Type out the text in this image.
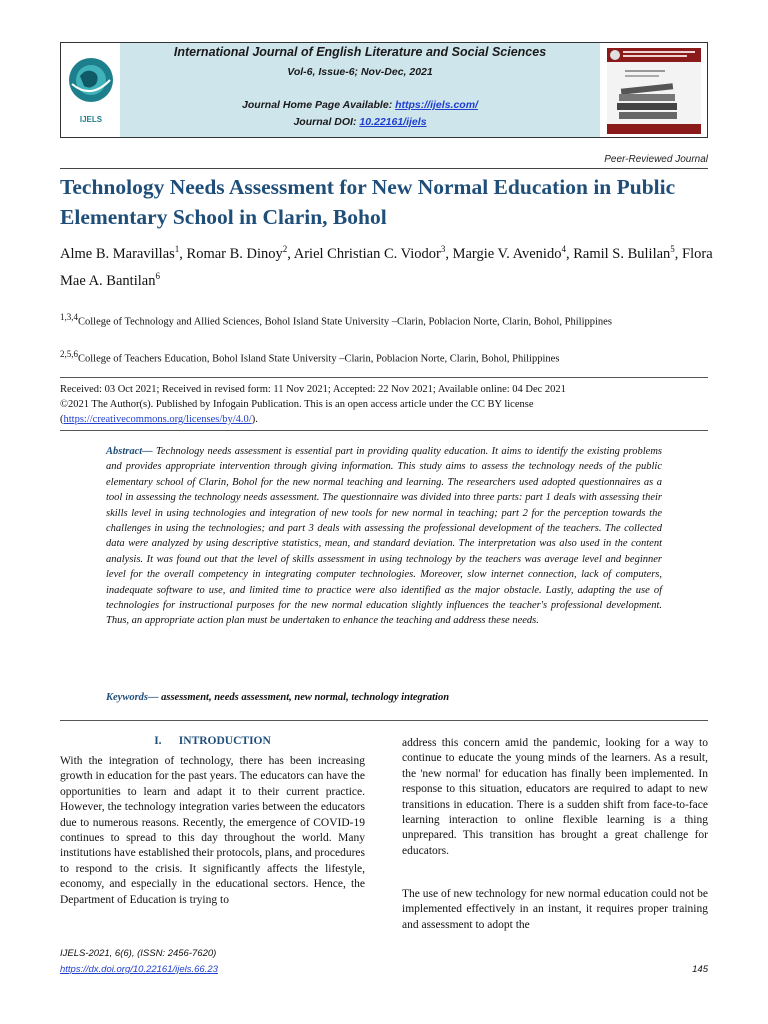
IJELS
International Journal of English Literature and Social Sciences
Vol-6, Issue-6; Nov-Dec, 2021
Journal Home Page Available: https://ijels.com/
Journal DOI: 10.22161/ijels
Peer-Reviewed Journal
Technology Needs Assessment for New Normal Education in Public Elementary School in Clarin, Bohol
Alme B. Maravillas$^1$, Romar B. Dinoy$^2$, Ariel Christian C. Viodor$^3$, Margie V. Avenido$^4$, Ramil S. Bulilan$^5$, Flora Mae A. Bantilan$^6$
$^{1,3,4}$College of Technology and Allied Sciences, Bohol Island State University –Clarin, Poblacion Norte, Clarin, Bohol, Philippines
$^{2,5,6}$College of Teachers Education, Bohol Island State University –Clarin, Poblacion Norte, Clarin, Bohol, Philippines
Received: 03 Oct 2021; Received in revised form: 11 Nov 2021; Accepted: 22 Nov 2021; Available online: 04 Dec 2021
©2021 The Author(s). Published by Infogain Publication. This is an open access article under the CC BY license
(https://creativecommons.org/licenses/by/4.0/).
Abstract— Technology needs assessment is essential part in providing quality education. It aims to identify the existing problems and provides appropriate intervention through giving information. This study aims to assess the technology needs of the public elementary school of Clarin, Bohol for the new normal teaching and learning. The researchers used adopted questionnaires as a tool in assessing the technology needs assessment. The questionnaire was divided into three parts: part 1 deals with assessing their skills level in using technologies and integration of new tools for new normal in teaching; part 2 for the perception towards the challenges in using the technologies; and part 3 deals with assessing the professional development of the teachers. The collected data were analyzed by using descriptive statistics, mean, and standard deviation. The interpretation was also used in the content analysis. It was found out that the level of skills assessment in using technology by the teachers was average level and beginner level for the overall competency in integrating computer technologies. Moreover, slow internet connection, lack of computers, inadequate software to use, and limited time to practice were also identified as the major obstacle. Lastly, adapting the use of technologies for instructional purposes for the new normal education slightly influences the teacher's professional development. Thus, an appropriate action plan must be undertaken to enhance the teaching and address these needs.
Keywords— assessment, needs assessment, new normal, technology integration
I.      INTRODUCTION
With the integration of technology, there has been increasing growth in education for the past years. The educators can have the opportunities to learn and adapt it to their current practice. However, the technology integration varies between the educators due to numerous reasons. Recently, the emergence of COVID-19 continues to spread to this day throughout the world. Many institutions have established their protocols, plans, and procedures to respond to the crisis. It significantly affects the lifestyle, economy, and especially in the educational sectors. Hence, the Department of Education is trying to
address this concern amid the pandemic, looking for a way to continue to educate the young minds of the learners. As a result, the 'new normal' for education has finally been implemented. In response to this situation, educators are required to adapt to new transitions in education. There is a sudden shift from face-to-face learning interaction to online flexible learning is a thing unprepared. This transition has brought a great challenge for educators.
The use of new technology for new normal education could not be implemented effectively in an instant, it requires proper training and assessment to adopt the
IJELS-2021, 6(6), (ISSN: 2456-7620)
https://dx.doi.org/10.22161/ijels.66.23	145
